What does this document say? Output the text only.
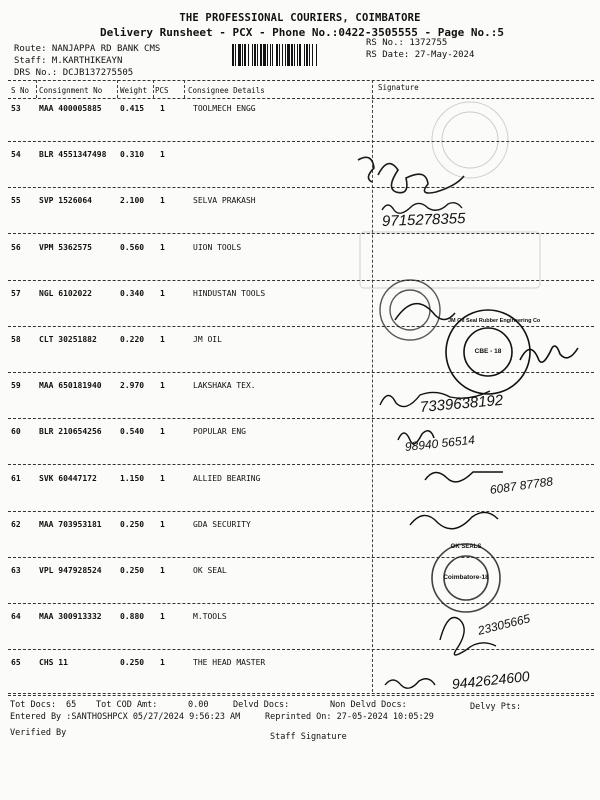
THE PROFESSIONAL COURIERS, COIMBATORE
Delivery Runsheet - PCX - Phone No.:0422-3505555 - Page No.:5
Route: NANJAPPA RD BANK CMS
Staff: M.KARTHIKEAYN
DRS No.: DCJB137275505
RS No.: 1372755
RS Date: 27-May-2024
S No Consignment No Weight PCS	Consignee Details	Signature
53 MAA 400005885 0.415 1	TOOLMECH ENGG
54 BLR 4551347498 0.310 1
55 SVP 1526064	2.100 1	SELVA PRAKASH
56 VPM 5362575	0.560 1	UION TOOLS
57 NGL 6102022	0.340 1	HINDUSTAN TOOLS
58 CLT 30251882	0.220 1	JM OIL
59 MAA 650181940 2.970 1	LAKSHAKA TEX.
60 BLR 210654256 0.540 1	POPULAR ENG
61 SVK 60447172	1.150 1	ALLIED BEARING
62 MAA 703953181 0.250 1	GDA SECURITY
63 VPL 947928524 0.250 1	OK SEAL
64 MAA 300913332 0.880 1	M.TOOLS
65 CHS 11	0.250 1	THE HEAD MASTER
9715278355
7339638192
98940 56514
6087 87788
23305665
9442624600
JM Oil Seal Rubber Engineering Co
CBE - 18
OK SEALS
Coimbatore-18
Tot Docs: 65 Tot COD Amt:	0.00	Delvd Docs:	Non Delvd Docs:	Delvy Pts:
Entered By :SANTHOSHPCX 05/27/2024 9:56:23 AM	Reprinted On: 27-05-2024 10:05:29
Verified By	Staff Signature
